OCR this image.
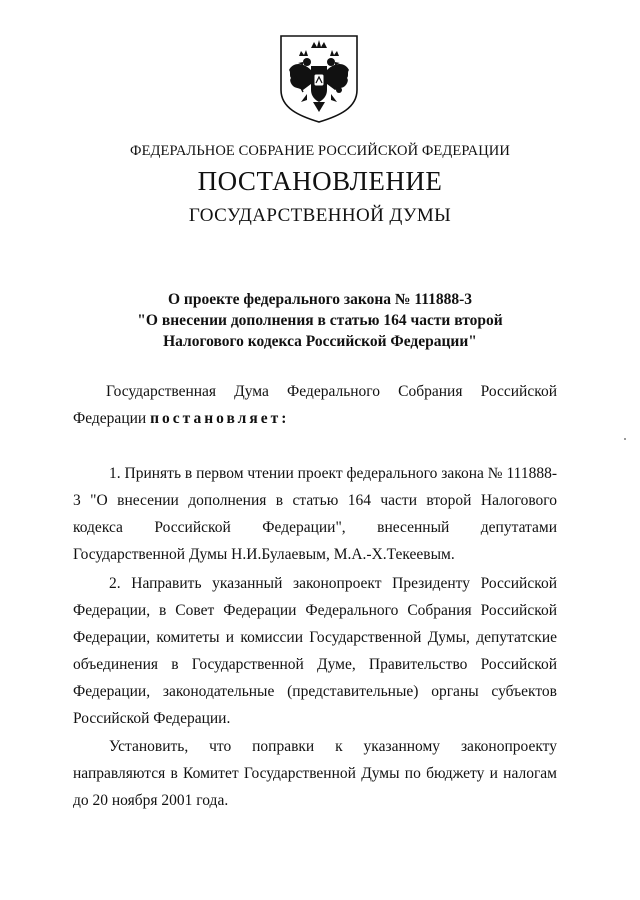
ФЕДЕРАЛЬНОЕ СОБРАНИЕ РОССИЙСКОЙ ФЕДЕРАЦИИ
ПОСТАНОВЛЕНИЕ
ГОСУДАРСТВЕННОЙ ДУМЫ
О проекте федерального закона № 111888-3
"О внесении дополнения в статью 164 части второй
Налогового кодекса Российской Федерации"
Государственная Дума Федерального Собрания Российской Федерации постановляет:
1. Принять в первом чтении проект федерального закона № 111888-3 "О внесении дополнения в статью 164 части второй Налогового кодекса Российской Федерации", внесенный депутатами Государственной Думы Н.И.Булаевым, М.А.-Х.Текеевым.
2. Направить указанный законопроект Президенту Российской Федерации, в Совет Федерации Федерального Собрания Российской Федерации, комитеты и комиссии Государственной Думы, депутатские объединения в Государственной Думе, Правительство Российской Федерации, законодательные (представительные) органы субъектов Российской Федерации.
Установить, что поправки к указанному законопроекту направляются в Комитет Государственной Думы по бюджету и налогам до 20 ноября 2001 года.
